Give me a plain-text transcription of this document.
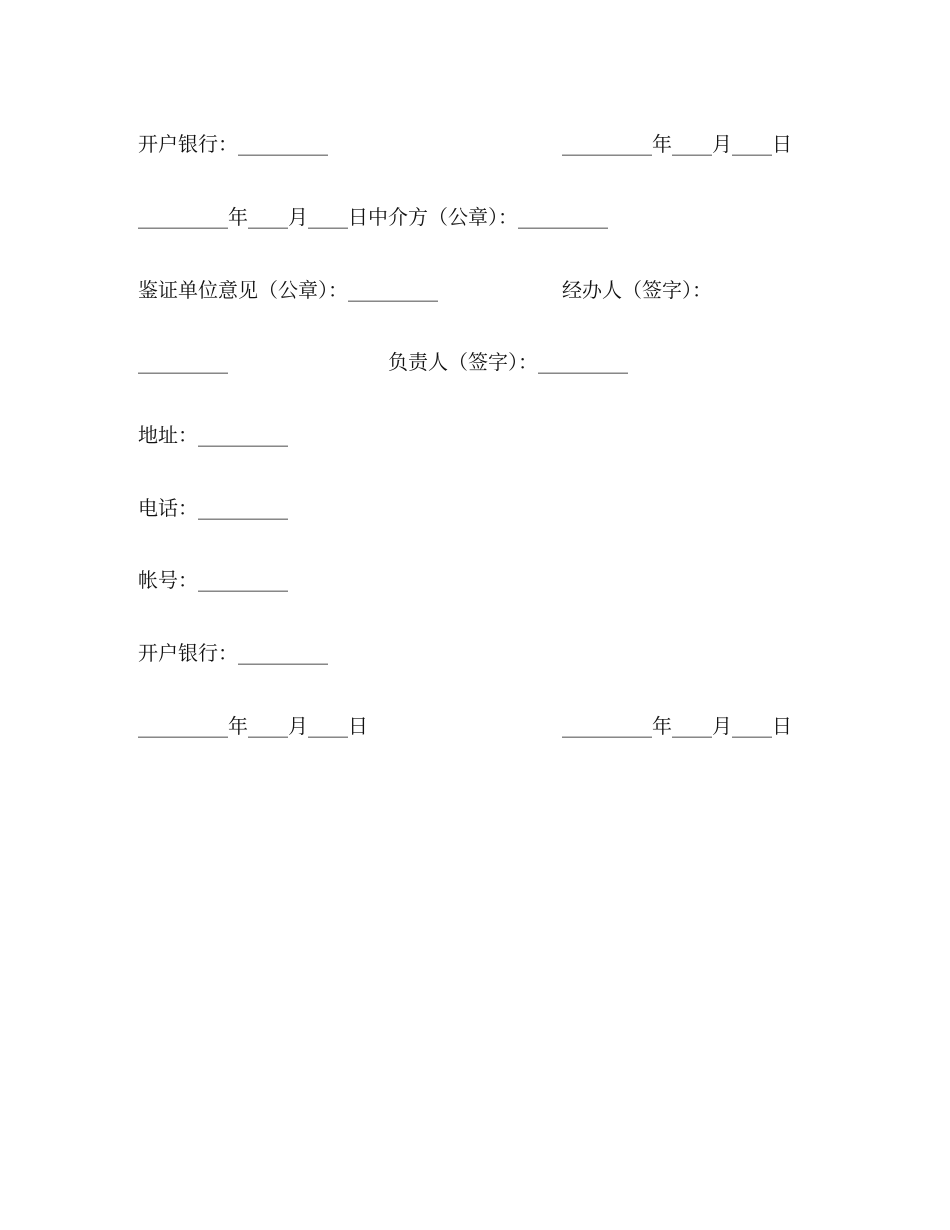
开户银行：_________	_________年____月____日
_________年____月____日中介方（公章）：_________
鉴证单位意见（公章）：_________	经办人（签字）：
_________	负责人（签字）：_________
地址：_________
电话：_________
帐号：_________
开户银行：_________
_________年____月____日	_________年____月____日
